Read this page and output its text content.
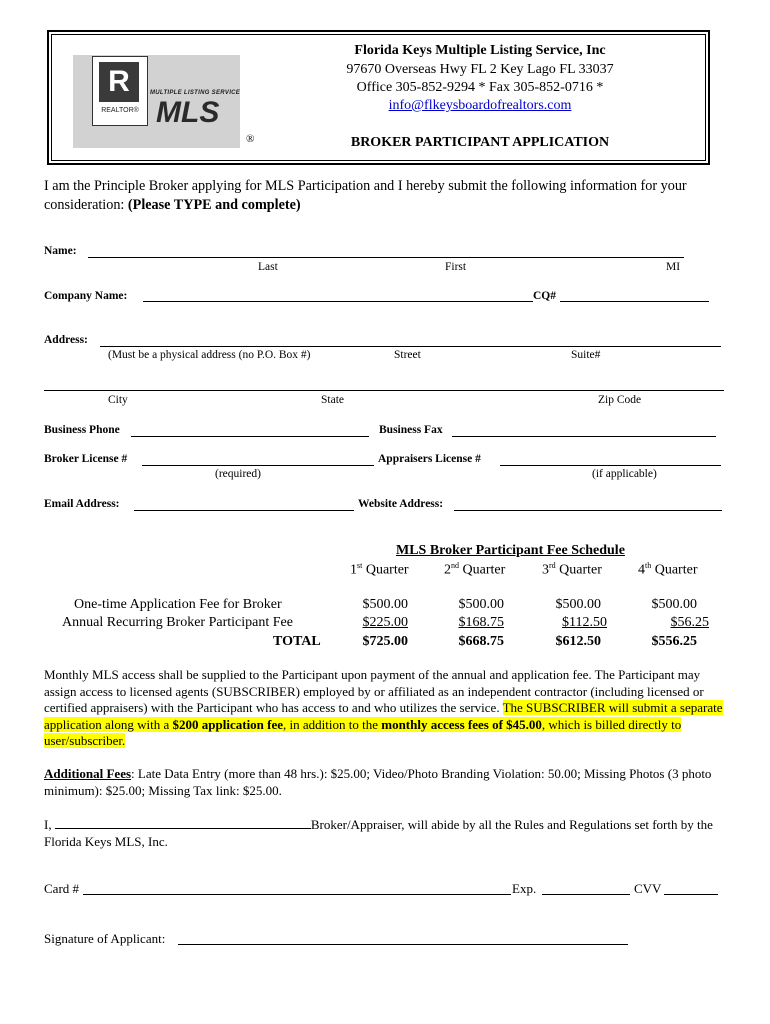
R
REALTOR®
MULTIPLE LISTING SERVICE
MLS
®
Florida Keys Multiple Listing Service, Inc
97670 Overseas Hwy FL 2 Key Lago FL 33037
Office 305-852-9294 * Fax 305-852-0716 *
info@flkeysboardofrealtors.com
BROKER PARTICIPANT APPLICATION
I am the Principle Broker applying for MLS Participation and I hereby submit the following information for your consideration: (Please TYPE and complete)
Name:
Last	First	MI
Company Name:	CQ#
Address:
(Must be a physical address (no P.O. Box #)	Street	Suite#
City	State	Zip Code
Business Phone	Business Fax
Broker License #
(required)
Appraisers License #
(if applicable)
Email Address:	Website Address:
MLS Broker Participant Fee Schedule
1st Quarter	2nd Quarter	3rd Quarter	4th Quarter
One-time Application Fee for Broker	$500.00	$500.00	$500.00	$500.00
Annual Recurring Broker Participant Fee	$225.00	$168.75	$112.50	$56.25
TOTAL	$725.00	$668.75	$612.50	$556.25
Monthly MLS access shall be supplied to the Participant upon payment of the annual and application fee. The Participant may assign access to licensed agents (SUBSCRIBER) employed by or affiliated as an independent contractor (including licensed or certified appraisers) with the Participant who has access to and who utilizes the service. The SUBSCRIBER will submit a separate application along with a $200 application fee, in addition to the monthly access fees of $45.00, which is billed directly to user/subscriber.
Additional Fees: Late Data Entry (more than 48 hrs.): $25.00; Video/Photo Branding Violation: 50.00; Missing Photos (3 photo minimum): $25.00; Missing Tax link: $25.00.
I,	Broker/Appraiser, will abide by all the Rules and Regulations set forth by the Florida Keys MLS, Inc.
Card #	Exp.	CVV
Signature of Applicant:
